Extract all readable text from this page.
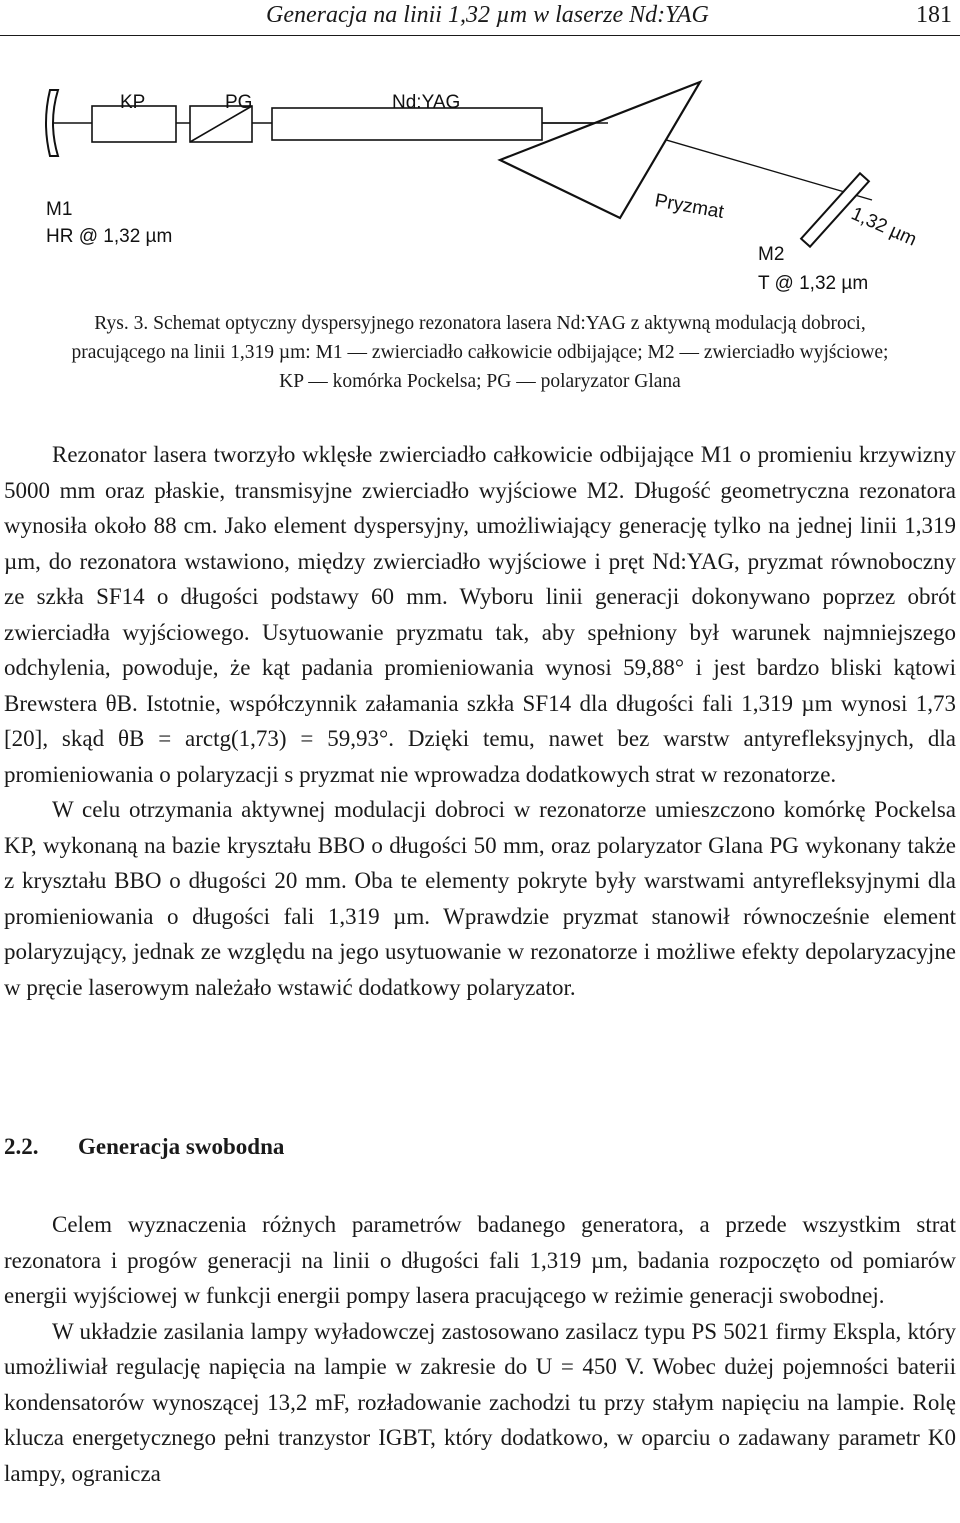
Generacja na linii 1,32 µm w laserze Nd:YAG	181
KP	PG	Nd:YAG
M1
HR @ 1,32 µm
Pryzmat
M2
T @ 1,32 µm
1,32 µm
Rys. 3. Schemat optyczny dyspersyjnego rezonatora lasera Nd:YAG z aktywną modulacją dobroci,
pracującego na linii 1,319 µm: M1 — zwierciadło całkowicie odbijające; M2 — zwierciadło wyjściowe;
KP — komórka Pockelsa; PG — polaryzator Glana

Rezonator lasera tworzyło wklęsłe zwierciadło całkowicie odbijające M1 o promieniu krzywizny 5000 mm oraz płaskie, transmisyjne zwierciadło wyjściowe M2. Długość geometryczna rezonatora wynosiła około 88 cm. Jako element dyspersyjny, umożliwiający generację tylko na jednej linii 1,319 µm, do rezonatora wstawiono, między zwierciadło wyjściowe i pręt Nd:YAG, pryzmat równoboczny ze szkła SF14 o długości podstawy 60 mm. Wyboru linii generacji dokonywano poprzez obrót zwierciadła wyjściowego. Usytuowanie pryzmatu tak, aby spełniony był warunek najmniejszego odchylenia, powoduje, że kąt padania promieniowania wynosi 59,88° i jest bardzo bliski kątowi Brewstera θB. Istotnie, współczynnik załamania szkła SF14 dla długości fali 1,319 µm wynosi 1,73 [20], skąd θB = arctg(1,73) = 59,93°. Dzięki temu, nawet bez warstw antyrefleksyjnych, dla promieniowania o polaryzacji s pryzmat nie wprowadza dodatkowych strat w rezonatorze.

W celu otrzymania aktywnej modulacji dobroci w rezonatorze umieszczono komórkę Pockelsa KP, wykonaną na bazie kryształu BBO o długości 50 mm, oraz polaryzator Glana PG wykonany także z kryształu BBO o długości 20 mm. Oba te elementy pokryte były warstwami antyrefleksyjnymi dla promieniowania o długości fali 1,319 µm. Wprawdzie pryzmat stanowił równocześnie element polaryzujący, jednak ze względu na jego usytuowanie w rezonatorze i możliwe efekty depolaryzacyjne w pręcie laserowym należało wstawić dodatkowy polaryzator.

2.2. Generacja swobodna

Celem wyznaczenia różnych parametrów badanego generatora, a przede wszystkim strat rezonatora i progów generacji na linii o długości fali 1,319 µm, badania rozpoczęto od pomiarów energii wyjściowej w funkcji energii pompy lasera pracującego w reżimie generacji swobodnej.

W układzie zasilania lampy wyładowczej zastosowano zasilacz typu PS 5021 firmy Ekspla, który umożliwiał regulację napięcia na lampie w zakresie do U = 450 V. Wobec dużej pojemności baterii kondensatorów wynoszącej 13,2 mF, rozładowanie zachodzi tu przy stałym napięciu na lampie. Rolę klucza energetycznego pełni tranzystor IGBT, który dodatkowo, w oparciu o zadawany parametr K0 lampy, ogranicza
